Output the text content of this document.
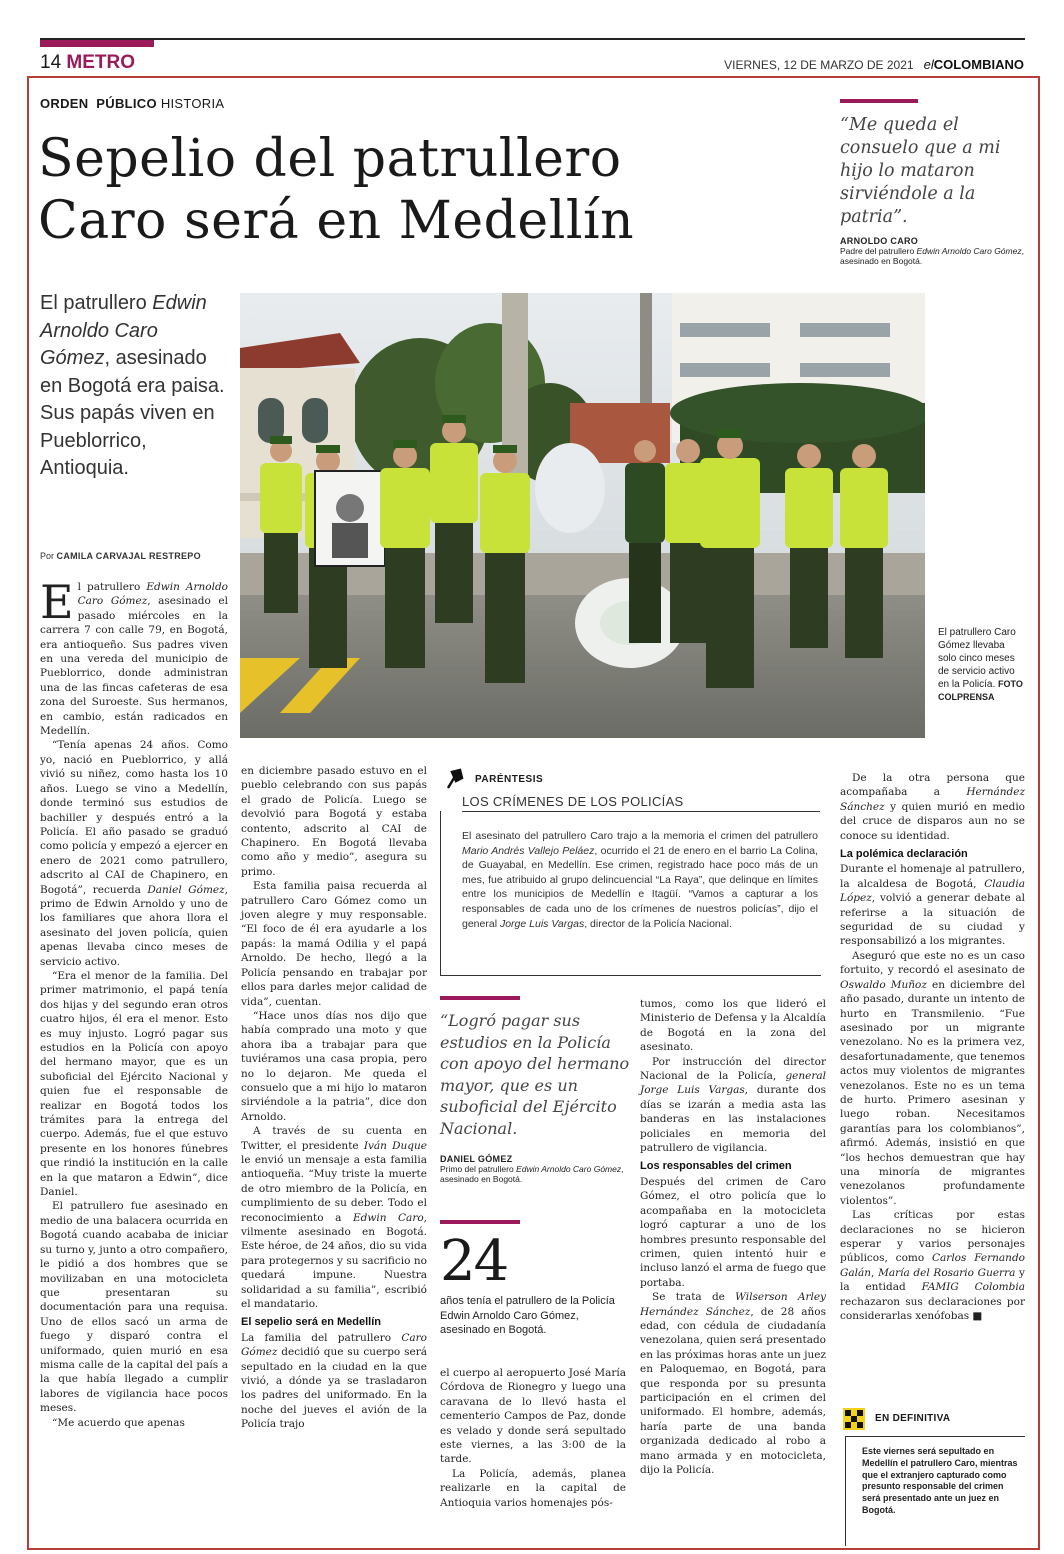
14 METRO	VIERNES, 12 DE MARZO DE 2021 elCOLOMBIANO
ORDEN PÚBLICO HISTORIA
Sepelio del patrullero Caro será en Medellín
“Me queda el consuelo que a mi hijo lo mataron sirviéndole a la patria”.
ARNOLDO CARO
Padre del patrullero Edwin Arnoldo Caro Gómez, asesinado en Bogotá.
El patrullero Edwin Arnoldo Caro Gómez, asesinado en Bogotá era paisa. Sus papás viven en Pueblorrico, Antioquia.
Por CAMILA CARVAJAL RESTREPO
El patrullero Caro Gómez llevaba solo cinco meses de servicio activo en la Policía. FOTO
COLPRENSA

El patrullero Edwin Arnoldo Caro Gómez, asesinado el pasado miércoles en la carrera 7 con calle 79, en Bogotá, era antioqueño. Sus padres viven en una vereda del municipio de Pueblorrico, donde administran una de las fincas cafeteras de esa zona del Suroeste. Sus hermanos, en cambio, están radicados en Medellín.

“Tenía apenas 24 años. Como yo, nació en Pueblorrico, y allá vivió su niñez, como hasta los 10 años. Luego se vino a Medellín, donde terminó sus estudios de bachiller y después entró a la Policía. El año pasado se graduó como policía y empezó a ejercer en enero de 2021 como patrullero, adscrito al CAI de Chapinero, en Bogotá”, recuerda Daniel Gómez, primo de Edwin Arnoldo y uno de los familiares que ahora llora el asesinato del joven policía, quien apenas llevaba cinco meses de servicio activo.

“Era el menor de la familia. Del primer matrimonio, el papá tenía dos hijas y del segundo eran otros cuatro hijos, él era el menor. Esto es muy injusto. Logró pagar sus estudios en la Policía con apoyo del hermano mayor, que es un suboficial del Ejército Nacional y quien fue el responsable de realizar en Bogotá todos los trámites para la entrega del cuerpo. Además, fue el que estuvo presente en los honores fúnebres que rindió la institución en la calle en la que mataron a Edwin”, dice Daniel.

El patrullero fue asesinado en medio de una balacera ocurrida en Bogotá cuando acababa de iniciar su turno y, junto a otro compañero, le pidió a dos hombres que se movilizaban en una motocicleta que presentaran su documentación para una requisa. Uno de ellos sacó un arma de fuego y disparó contra el uniformado, quien murió en esa misma calle de la capital del país a la que había llegado a cumplir labores de vigilancia hace pocos meses.

“Me acuerdo que apenas

en diciembre pasado estuvo en el pueblo celebrando con sus papás el grado de Policía. Luego se devolvió para Bogotá y estaba contento, adscrito al CAI de Chapinero. En Bogotá llevaba como año y medio”, asegura su primo.

Esta familia paisa recuerda al patrullero Caro Gómez como un joven alegre y muy responsable. “El foco de él era ayudarle a los papás: la mamá Odilia y el papá Arnoldo. De hecho, llegó a la Policía pensando en trabajar por ellos para darles mejor calidad de vida”, cuentan.

“Hace unos días nos dijo que había comprado una moto y que ahora iba a trabajar para que tuviéramos una casa propia, pero no lo dejaron. Me queda el consuelo que a mi hijo lo mataron sirviéndole a la patria”, dice don Arnoldo.

A través de su cuenta en Twitter, el presidente Iván Duque le envió un mensaje a esta familia antioqueña. “Muy triste la muerte de otro miembro de la Policía, en cumplimiento de su deber. Todo el reconocimiento a Edwin Caro, vilmente asesinado en Bogotá. Este héroe, de 24 años, dio su vida para protegernos y su sacrificio no quedará impune. Nuestra solidaridad a su familia”, escribió el mandatario.

El sepelio será en Medellín

La familia del patrullero Caro Gómez decidió que su cuerpo será sepultado en la ciudad en la que vivió, a dónde ya se trasladaron los padres del uniformado. En la noche del jueves el avión de la Policía trajo

PARÉNTESIS
LOS CRÍMENES DE LOS POLICÍAS
El asesinato del patrullero Caro trajo a la memoria el crimen del patrullero Mario Andrés Vallejo Peláez, ocurrido el 21 de enero en el barrio La Colina, de Guayabal, en Medellín. Ese crimen, registrado hace poco más de un mes, fue atribuido al grupo delincuencial “La Raya”, que delinque en límites entre los municipios de Medellín e Itagüí. “Vamos a capturar a los responsables de cada uno de los crímenes de nuestros policías”, dijo el general Jorge Luis Vargas, director de la Policía Nacional.
“Logró pagar sus estudios en la Policía con apoyo del hermano mayor, que es un suboficial del Ejército Nacional.
DANIEL GÓMEZ
Primo del patrullero Edwin Arnoldo Caro Gómez, asesinado en Bogotá.
24
años tenía el patrullero de la Policía Edwin Arnoldo Caro Gómez, asesinado en Bogotá.

el cuerpo al aeropuerto José María Córdova de Rionegro y luego una caravana de lo llevó hasta el cementerio Campos de Paz, donde es velado y donde será sepultado este viernes, a las 3:00 de la tarde.

La Policía, además, planea realizarle en la capital de Antioquia varios homenajes pós-

tumos, como los que lideró el Ministerio de Defensa y la Alcaldía de Bogotá en la zona del asesinato.

Por instrucción del director Nacional de la Policía, general Jorge Luis Vargas, durante dos días se izarán a media asta las banderas en las instalaciones policiales en memoria del patrullero de vigilancia.

Los responsables del crimen

Después del crimen de Caro Gómez, el otro policía que lo acompañaba en la motocicleta logró capturar a uno de los hombres presunto responsable del crimen, quien intentó huir e incluso lanzó el arma de fuego que portaba.

Se trata de Wilserson Arley Hernández Sánchez, de 28 años edad, con cédula de ciudadanía venezolana, quien será presentado en las próximas horas ante un juez en Paloquemao, en Bogotá, para que responda por su presunta participación en el crimen del uniformado. El hombre, además, haría parte de una banda organizada dedicado al robo a mano armada y en motocicleta, dijo la Policía.

De la otra persona que acompañaba a Hernández Sánchez y quien murió en medio del cruce de disparos aun no se conoce su identidad.

La polémica declaración

Durante el homenaje al patrullero, la alcaldesa de Bogotá, Claudia López, volvió a generar debate al referirse a la situación de seguridad de su ciudad y responsabilizó a los migrantes.

Aseguró que este no es un caso fortuito, y recordó el asesinato de Oswaldo Muñoz en diciembre del año pasado, durante un intento de hurto en Transmilenio. “Fue asesinado por un migrante venezolano. No es la primera vez, desafortunadamente, que tenemos actos muy violentos de migrantes venezolanos. Este no es un tema de hurto. Primero asesinan y luego roban. Necesitamos garantías para los colombianos”, afirmó. Además, insistió en que “los hechos demuestran que hay una minoría de migrantes venezolanos profundamente violentos”.

Las críticas por estas declaraciones no se hicieron esperar y varios personajes públicos, como Carlos Fernando Galán, María del Rosario Guerra y la entidad FAMIG Colombia rechazaron sus declaraciones por considerarlas xenófobas ■

EN DEFINITIVA
Este viernes será sepultado en Medellín el patrullero Caro, mientras que el extranjero capturado como presunto responsable del crimen será presentado ante un juez en Bogotá.
